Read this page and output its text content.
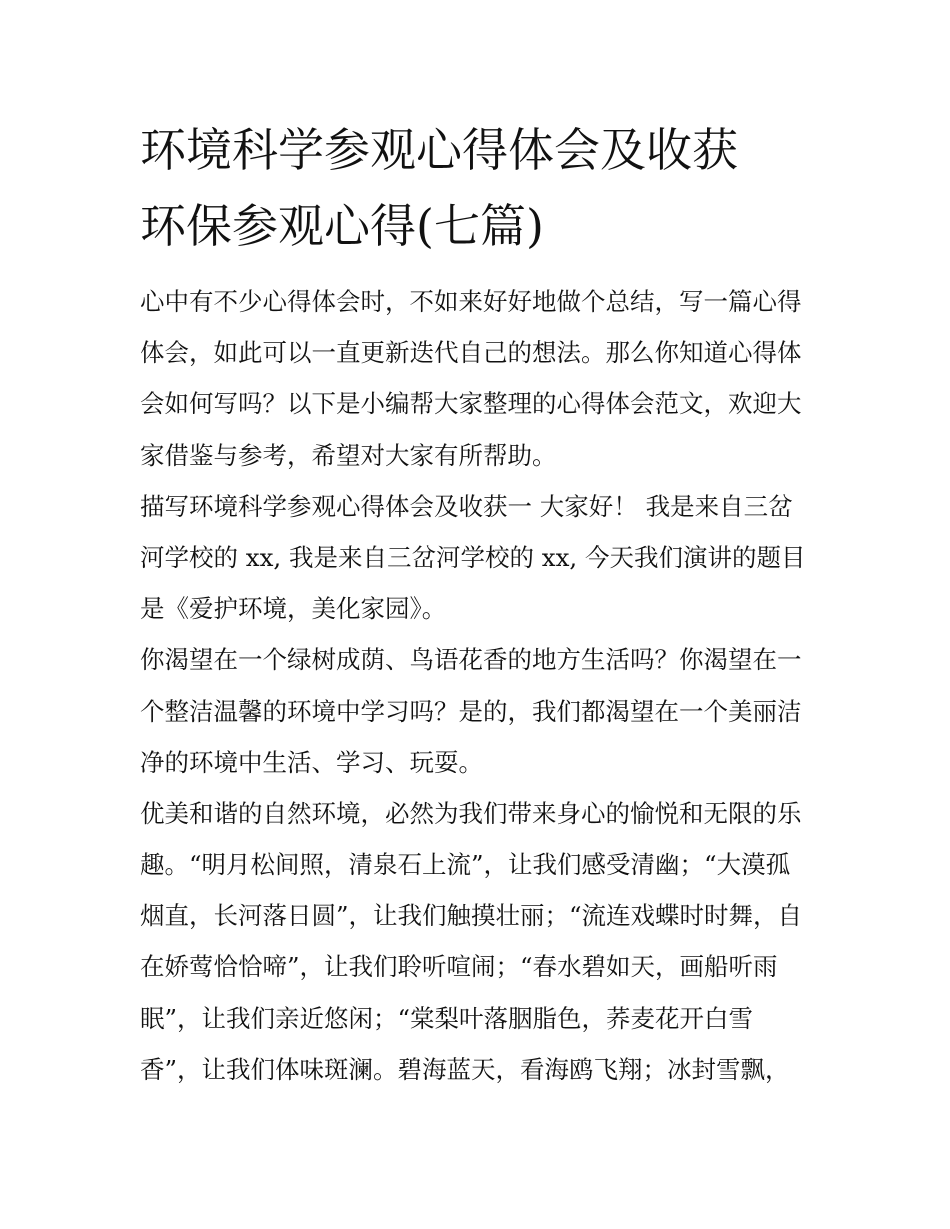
环境科学参观心得体会及收获
环保参观心得(七篇)
心中有不少心得体会时，不如来好好地做个总结，写一篇心得
体会，如此可以一直更新迭代自己的想法。那么你知道心得体
会如何写吗？以下是小编帮大家整理的心得体会范文，欢迎大
家借鉴与参考，希望对大家有所帮助。
描写环境科学参观心得体会及收获一 大家好！ 我是来自三岔
河学校的 xx, 我是来自三岔河学校的 xx, 今天我们演讲的题目
是《爱护环境，美化家园》。
你渴望在一个绿树成荫、鸟语花香的地方生活吗？你渴望在一
个整洁温馨的环境中学习吗？是的，我们都渴望在一个美丽洁
净的环境中生活、学习、玩耍。
优美和谐的自然环境，必然为我们带来身心的愉悦和无限的乐
趣。“明月松间照，清泉石上流”，让我们感受清幽；“大漠孤
烟直，长河落日圆”，让我们触摸壮丽；“流连戏蝶时时舞，自
在娇莺恰恰啼”，让我们聆听喧闹；“春水碧如天，画船听雨
眠”，让我们亲近悠闲；“棠梨叶落胭脂色，荞麦花开白雪
香”，让我们体味斑澜。碧海蓝天，看海鸥飞翔；冰封雪飘，
